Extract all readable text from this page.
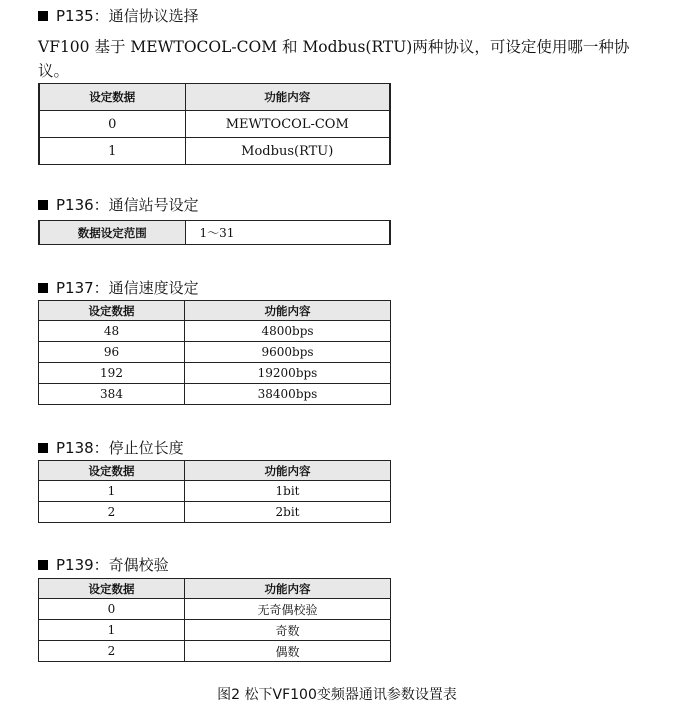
P135：通信协议选择
VF100 基于 MEWTOCOL-COM 和 Modbus(RTU)两种协议，可设定使用哪一种协议。
设定数据	功能内容
0	MEWTOCOL-COM
1	Modbus(RTU)
P136：通信站号设定
数据设定范围	1～31
P137：通信速度设定
设定数据	功能内容
48	4800bps
96	9600bps
192	19200bps
384	38400bps
P138：停止位长度
设定数据	功能内容
1	1bit
2	2bit
P139：奇偶校验
设定数据	功能内容
0	无奇偶校验
1	奇数
2	偶数
图2 松下VF100变频器通讯参数设置表
